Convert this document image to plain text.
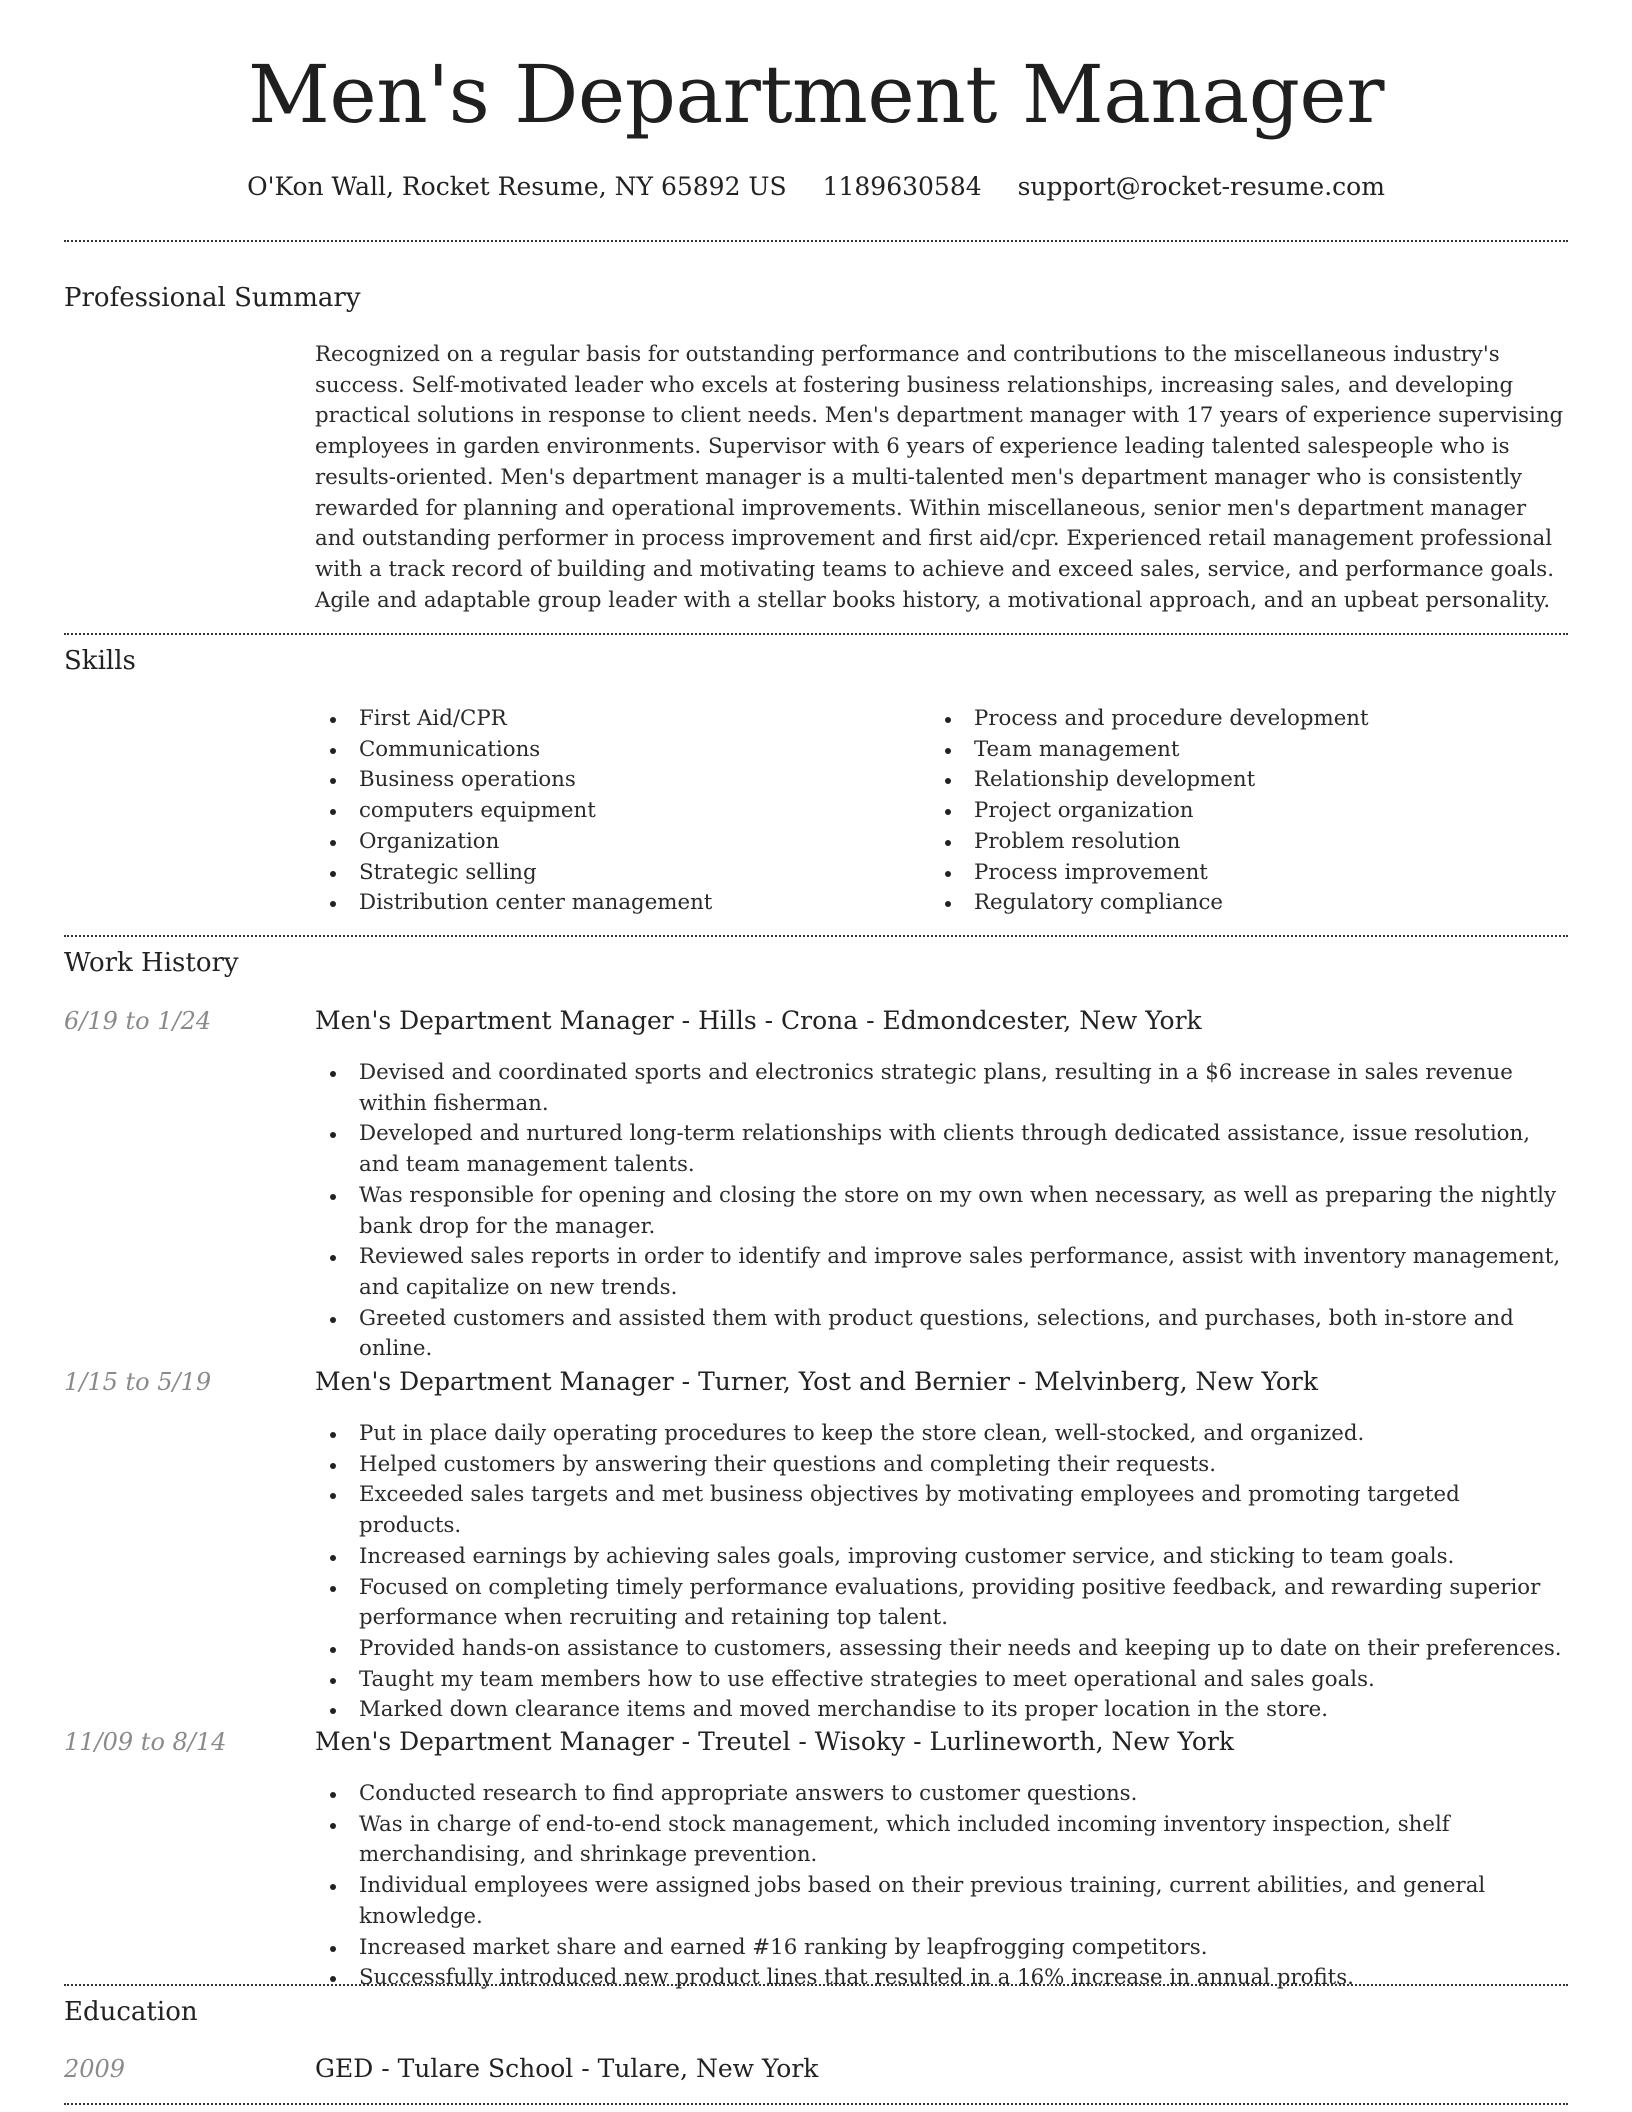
Men's Department Manager
O'Kon Wall, Rocket Resume, NY 65892 US 1189630584 support@rocket-resume.com
Professional Summary

Recognized on a regular basis for outstanding performance and contributions to the miscellaneous industry's success. Self-motivated leader who excels at fostering business relationships, increasing sales, and developing practical solutions in response to client needs. Men's department manager with 17 years of experience supervising employees in garden environments. Supervisor with 6 years of experience leading talented salespeople who is results-oriented. Men's department manager is a multi-talented men's department manager who is consistently rewarded for planning and operational improvements. Within miscellaneous, senior men's department manager and outstanding performer in process improvement and first aid/cpr. Experienced retail management professional with a track record of building and motivating teams to achieve and exceed sales, service, and performance goals. Agile and adaptable group leader with a stellar books history, a motivational approach, and an upbeat personality.

Skills
First Aid/CPR
Communications
Business operations
computers equipment
Organization
Strategic selling
Distribution center management
Process and procedure development
Team management
Relationship development
Project organization
Problem resolution
Process improvement
Regulatory compliance
Work History
6/19 to 1/24	Men's Department Manager - Hills - Crona - Edmondcester, New York
Devised and coordinated sports and electronics strategic plans, resulting in a $6 increase in sales revenue within fisherman.
Developed and nurtured long-term relationships with clients through dedicated assistance, issue resolution, and team management talents.
Was responsible for opening and closing the store on my own when necessary, as well as preparing the nightly bank drop for the manager.
Reviewed sales reports in order to identify and improve sales performance, assist with inventory management, and capitalize on new trends.
Greeted customers and assisted them with product questions, selections, and purchases, both in-store and online.
1/15 to 5/19	Men's Department Manager - Turner, Yost and Bernier - Melvinberg, New York
Put in place daily operating procedures to keep the store clean, well-stocked, and organized.
Helped customers by answering their questions and completing their requests.
Exceeded sales targets and met business objectives by motivating employees and promoting targeted products.
Increased earnings by achieving sales goals, improving customer service, and sticking to team goals.
Focused on completing timely performance evaluations, providing positive feedback, and rewarding superior performance when recruiting and retaining top talent.
Provided hands-on assistance to customers, assessing their needs and keeping up to date on their preferences.
Taught my team members how to use effective strategies to meet operational and sales goals.
Marked down clearance items and moved merchandise to its proper location in the store.
11/09 to 8/14	Men's Department Manager - Treutel - Wisoky - Lurlineworth, New York
Conducted research to find appropriate answers to customer questions.
Was in charge of end-to-end stock management, which included incoming inventory inspection, shelf merchandising, and shrinkage prevention.
Individual employees were assigned jobs based on their previous training, current abilities, and general knowledge.
Increased market share and earned #16 ranking by leapfrogging competitors.
Successfully introduced new product lines that resulted in a 16% increase in annual profits.
Education
2009	GED - Tulare School - Tulare, New York
